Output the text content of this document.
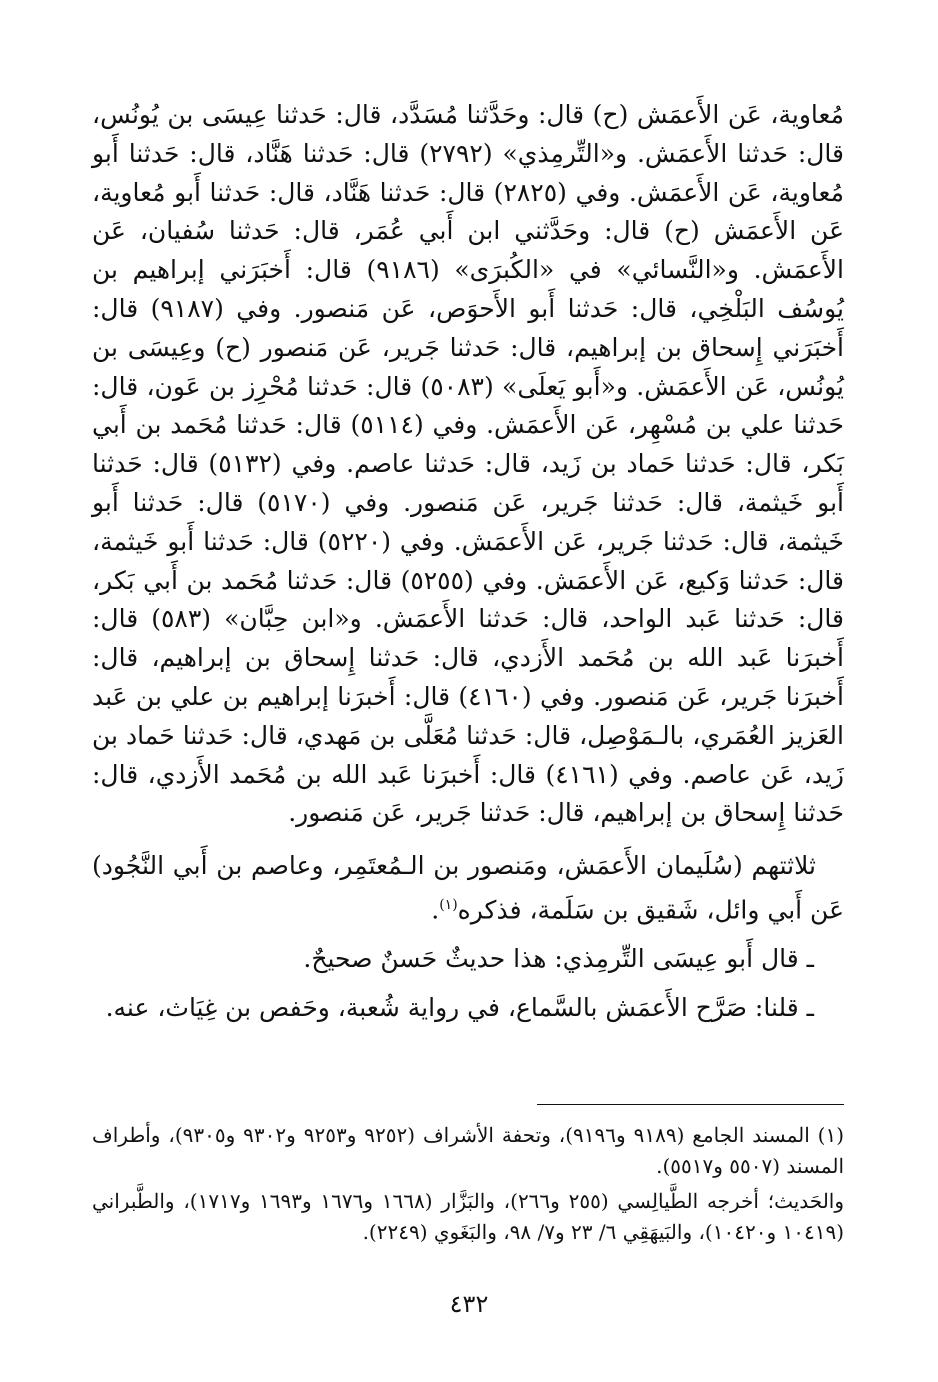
مُعاوية، عَن الأَعمَش (ح) قال: وحَدَّثنا مُسَدَّد، قال: حَدثنا عِيسَى بن يُونُس، قال: حَدثنا الأَعمَش. و«التِّرمِذي» (٢٧٩٢) قال: حَدثنا هَنَّاد، قال: حَدثنا أَبو مُعاوية، عَن الأَعمَش. وفي (٢٨٢٥) قال: حَدثنا هَنَّاد، قال: حَدثنا أَبو مُعاوية، عَن الأَعمَش (ح) قال: وحَدَّثني ابن أَبي عُمَر، قال: حَدثنا سُفيان، عَن الأَعمَش. و«النَّسائي» في «الكُبرَى» (٩١٨٦) قال: أَخبَرَني إبراهيم بن يُوسُف البَلْخِي، قال: حَدثنا أَبو الأَحوَص، عَن مَنصور. وفي (٩١٨٧) قال: أَخبَرَني إِسحاق بن إبراهيم، قال: حَدثنا جَرير، عَن مَنصور (ح) وعِيسَى بن يُونُس، عَن الأَعمَش. و«أَبو يَعلَى» (٥٠٨٣) قال: حَدثنا مُحْرِز بن عَون، قال: حَدثنا علي بن مُسْهِر، عَن الأَعمَش. وفي (٥١١٤) قال: حَدثنا مُحَمد بن أَبي بَكر، قال: حَدثنا حَماد بن زَيد، قال: حَدثنا عاصم. وفي (٥١٣٢) قال: حَدثنا أَبو خَيثمة، قال: حَدثنا جَرير، عَن مَنصور. وفي (٥١٧٠) قال: حَدثنا أَبو خَيثمة، قال: حَدثنا جَرير، عَن الأَعمَش. وفي (٥٢٢٠) قال: حَدثنا أَبو خَيثمة، قال: حَدثنا وَكيع، عَن الأَعمَش. وفي (٥٢٥٥) قال: حَدثنا مُحَمد بن أَبي بَكر، قال: حَدثنا عَبد الواحد، قال: حَدثنا الأَعمَش. و«ابن حِبَّان» (٥٨٣) قال: أَخبرَنا عَبد الله بن مُحَمد الأَزدي، قال: حَدثنا إِسحاق بن إبراهيم، قال: أَخبرَنا جَرير، عَن مَنصور. وفي (٤١٦٠) قال: أَخبرَنا إبراهيم بن علي بن عَبد العَزيز العُمَري، بالـمَوْصِل، قال: حَدثنا مُعَلَّى بن مَهدي، قال: حَدثنا حَماد بن زَيد، عَن عاصم. وفي (٤١٦١) قال: أَخبرَنا عَبد الله بن مُحَمد الأَزدي، قال: حَدثنا إِسحاق بن إبراهيم، قال: حَدثنا جَرير، عَن مَنصور.

ثلاثتهم (سُلَيمان الأَعمَش، ومَنصور بن الـمُعتَمِر، وعاصم بن أَبي النَّجُود) عَن أَبي وائل، شَقيق بن سَلَمة، فذكره$^{(١)}$.

ـ قال أَبو عِيسَى التِّرمِذي: هذا حديثٌ حَسنٌ صحيحٌ.

ـ قلنا: صَرَّح الأَعمَش بالسَّماع، في رواية شُعبة، وحَفص بن غِيَاث، عنه.

(١) المسند الجامع (٩١٨٩ و٩١٩٦)، وتحفة الأشراف (٩٢٥٢ و٩٢٥٣ و٩٣٠٢ و٩٣٠٥)، وأطراف المسند (٥٥٠٧ و٥٥١٧).

والحَديث؛ أخرجه الطَّيالِسي (٢٥٥ و٢٦٦)، والبَزَّار (١٦٦٨ و١٦٧٦ و١٦٩٣ و١٧١٧)، والطَّبراني (١٠٤١٩ و١٠٤٢٠)، والبَيهَقِي ٦/ ٢٣ و٧/ ٩٨، والبَغَوي (٢٢٤٩).

٤٣٢
